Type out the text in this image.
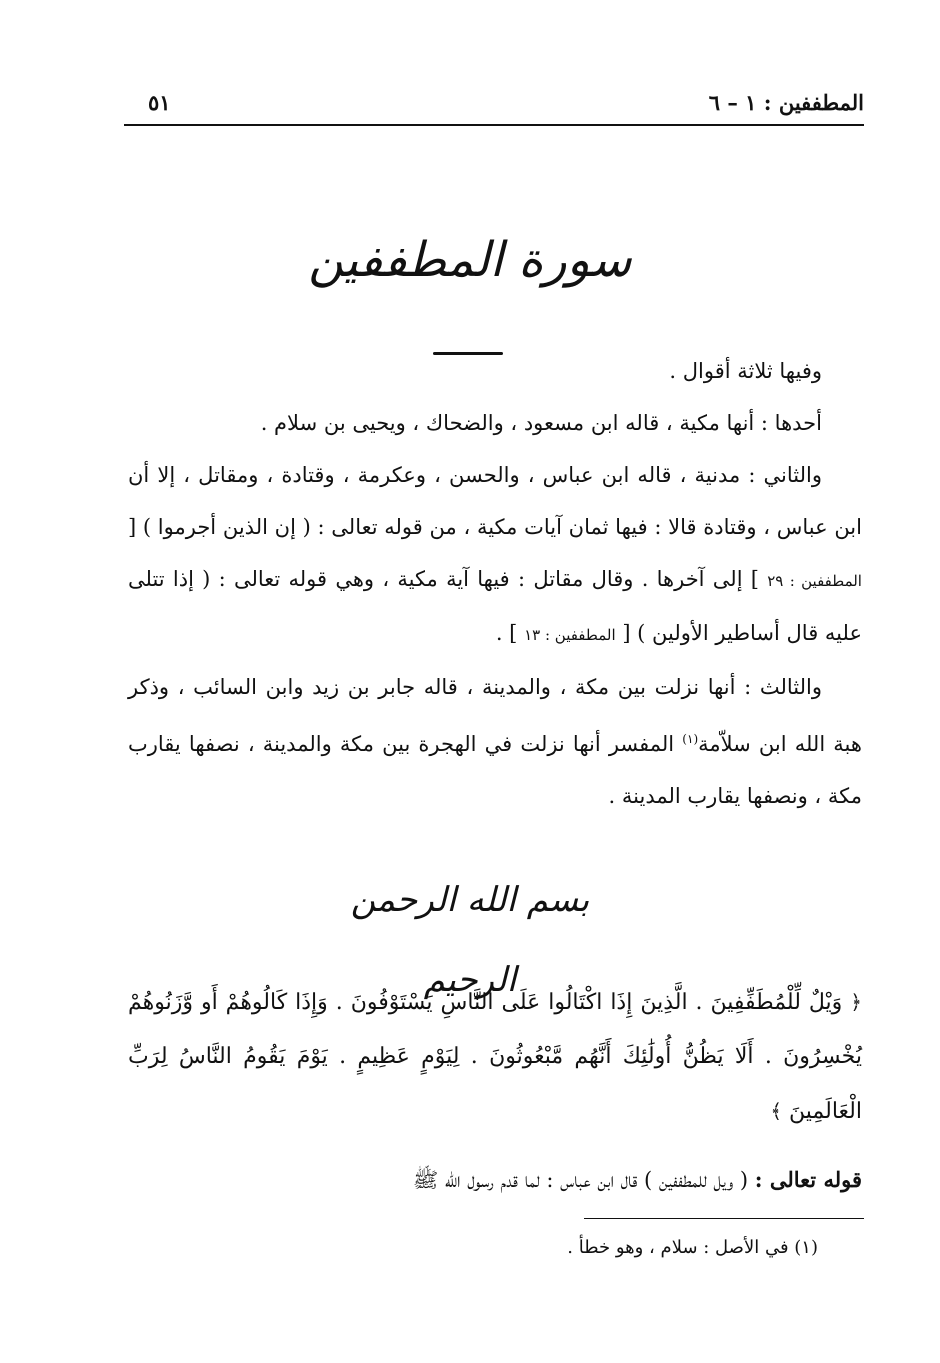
المطففين : ١ – ٦
٥١
سورة المطففين

وفيها ثلاثة أقوال .

أحدها : أنها مكية ، قاله ابن مسعود ، والضحاك ، ويحيى بن سلام .

والثاني : مدنية ، قاله ابن عباس ، والحسن ، وعكرمة ، وقتادة ، ومقاتل ، إلا أن ابن عباس ، وقتادة قالا : فيها ثمان آيات مكية ، من قوله تعالى : ( إن الذين أجرموا ) [ المطففين : ٢٩ ] إلى آخرها . وقال مقاتل : فيها آية مكية ، وهي قوله تعالى : ( إذا تتلى عليه قال أساطير الأولين ) [ المطففين : ١٣ ] .

والثالث : أنها نزلت بين مكة ، والمدينة ، قاله جابر بن زيد وابن السائب ، وذكر هبة الله ابن سلاّمة$^{(١)}$ المفسر أنها نزلت في الهجرة بين مكة والمدينة ، نصفها يقارب مكة ، ونصفها يقارب المدينة .

بسم الله الرحمن الرحيم

﴿ وَيْلٌ لِّلْمُطَفِّفِينَ . الَّذِينَ إِذَا اكْتَالُوا عَلَى النَّاسِ يَسْتَوْفُونَ . وَإِذَا كَالُوهُمْ أَو وَّزَنُوهُمْ يُخْسِرُونَ . أَلَا يَظُنُّ أُولَٰئِكَ أَنَّهُم مَّبْعُوثُونَ . لِيَوْمٍ عَظِيمٍ . يَوْمَ يَقُومُ النَّاسُ لِرَبِّ الْعَالَمِينَ ﴾

قوله تعالى : ( ويل للمطففين ) قال ابن عباس : لما قدم رسول الله ﷺ
(١) في الأصل : سلام ، وهو خطأ .
